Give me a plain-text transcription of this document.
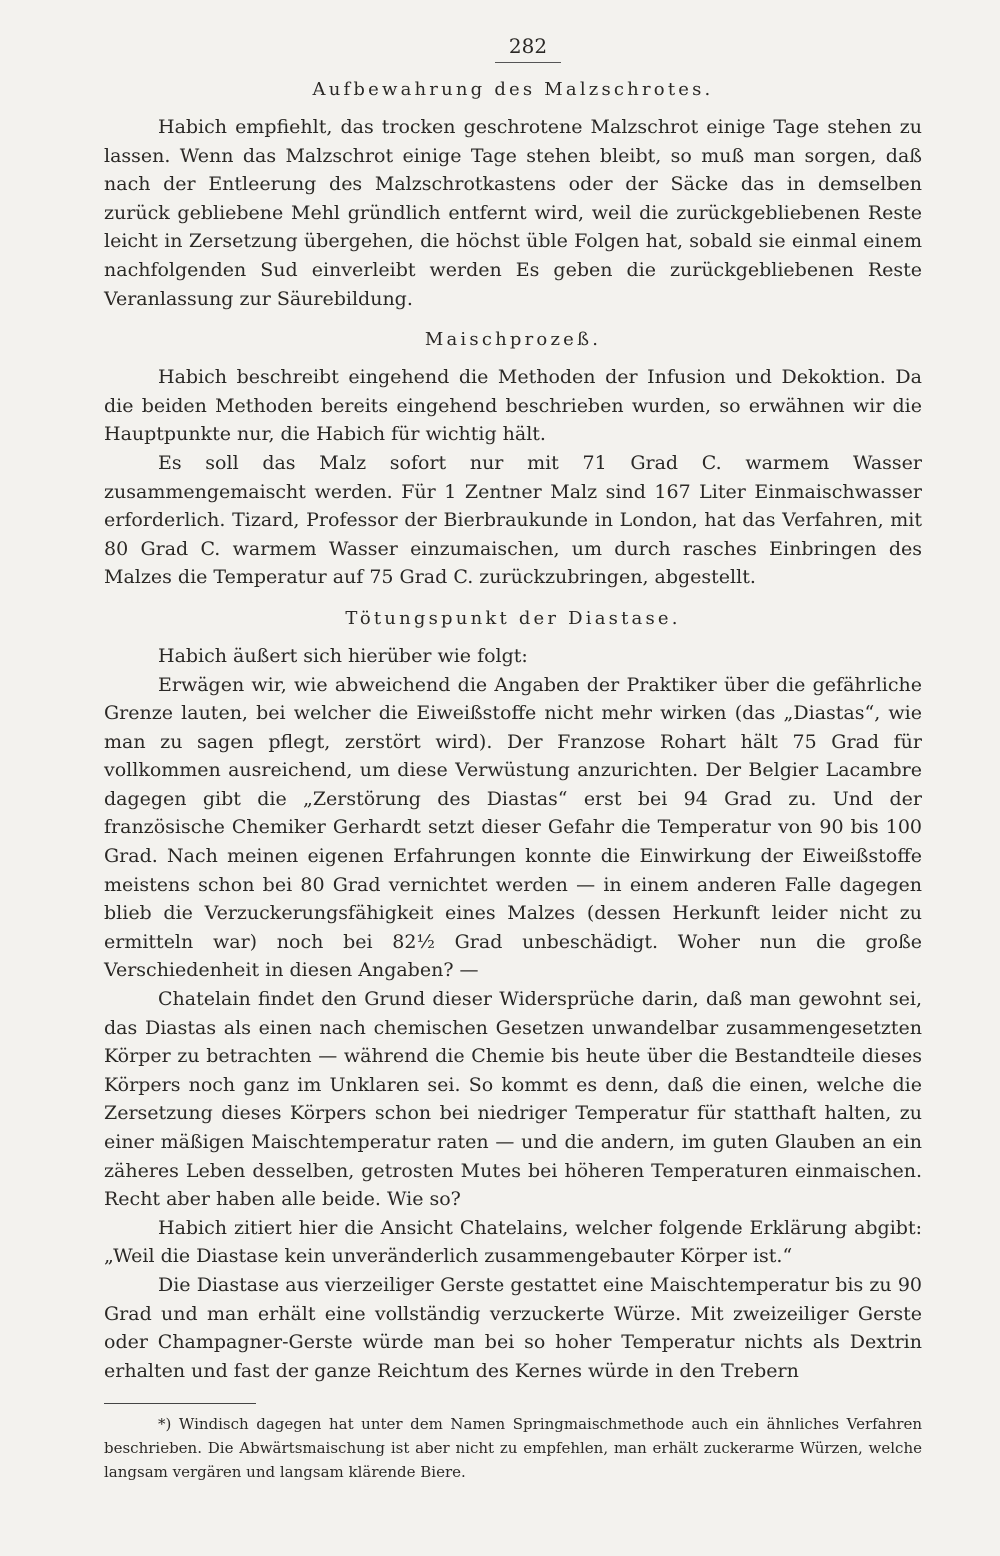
282
Aufbewahrung des Malzschrotes.

Habich empfiehlt, das trocken geschrotene Malzschrot einige Tage stehen zu lassen. Wenn das Malzschrot einige Tage stehen bleibt, so muß man sorgen, daß nach der Entleerung des Malzschrotkastens oder der Säcke das in demselben zurück gebliebene Mehl gründlich entfernt wird, weil die zurückgebliebenen Reste leicht in Zersetzung übergehen, die höchst üble Folgen hat, sobald sie einmal einem nachfolgenden Sud einverleibt werden Es geben die zurückgebliebenen Reste Veranlassung zur Säurebildung.

Maischprozeß.

Habich beschreibt eingehend die Methoden der Infusion und Dekoktion. Da die beiden Methoden bereits eingehend beschrieben wurden, so erwähnen wir die Hauptpunkte nur, die Habich für wichtig hält.

Es soll das Malz sofort nur mit 71 Grad C. warmem Wasser zusammengemaischt werden. Für 1 Zentner Malz sind 167 Liter Einmaischwasser erforderlich. Tizard, Professor der Bierbraukunde in London, hat das Verfahren, mit 80 Grad C. warmem Wasser einzumaischen, um durch rasches Einbringen des Malzes die Temperatur auf 75 Grad C. zurückzubringen, abgestellt.

Tötungspunkt der Diastase.

Habich äußert sich hierüber wie folgt:

Erwägen wir, wie abweichend die Angaben der Praktiker über die gefährliche Grenze lauten, bei welcher die Eiweißstoffe nicht mehr wirken (das „Diastas“, wie man zu sagen pflegt, zerstört wird). Der Franzose Rohart hält 75 Grad für vollkommen ausreichend, um diese Verwüstung anzurichten. Der Belgier Lacambre dagegen gibt die „Zerstörung des Diastas“ erst bei 94 Grad zu. Und der französische Chemiker Gerhardt setzt dieser Gefahr die Temperatur von 90 bis 100 Grad. Nach meinen eigenen Erfahrungen konnte die Einwirkung der Eiweißstoffe meistens schon bei 80 Grad vernichtet werden — in einem anderen Falle dagegen blieb die Verzuckerungsfähigkeit eines Malzes (dessen Herkunft leider nicht zu ermitteln war) noch bei 82½ Grad unbeschädigt. Woher nun die große Verschiedenheit in diesen Angaben? —

Chatelain findet den Grund dieser Widersprüche darin, daß man gewohnt sei, das Diastas als einen nach chemischen Gesetzen unwandelbar zusammengesetzten Körper zu betrachten — während die Chemie bis heute über die Bestandteile dieses Körpers noch ganz im Unklaren sei. So kommt es denn, daß die einen, welche die Zersetzung dieses Körpers schon bei niedriger Temperatur für statthaft halten, zu einer mäßigen Maischtemperatur raten — und die andern, im guten Glauben an ein zäheres Leben desselben, getrosten Mutes bei höheren Temperaturen einmaischen. Recht aber haben alle beide. Wie so?

Habich zitiert hier die Ansicht Chatelains, welcher folgende Erklärung abgibt: „Weil die Diastase kein unveränderlich zusammengebauter Körper ist.“

Die Diastase aus vierzeiliger Gerste gestattet eine Maischtemperatur bis zu 90 Grad und man erhält eine vollständig verzuckerte Würze. Mit zweizeiliger Gerste oder Champagner-Gerste würde man bei so hoher Temperatur nichts als Dextrin erhalten und fast der ganze Reichtum des Kernes würde in den Trebern

*) Windisch dagegen hat unter dem Namen Springmaischmethode auch ein ähnliches Verfahren beschrieben. Die Abwärtsmaischung ist aber nicht zu empfehlen, man erhält zuckerarme Würzen, welche langsam vergären und langsam klärende Biere.
